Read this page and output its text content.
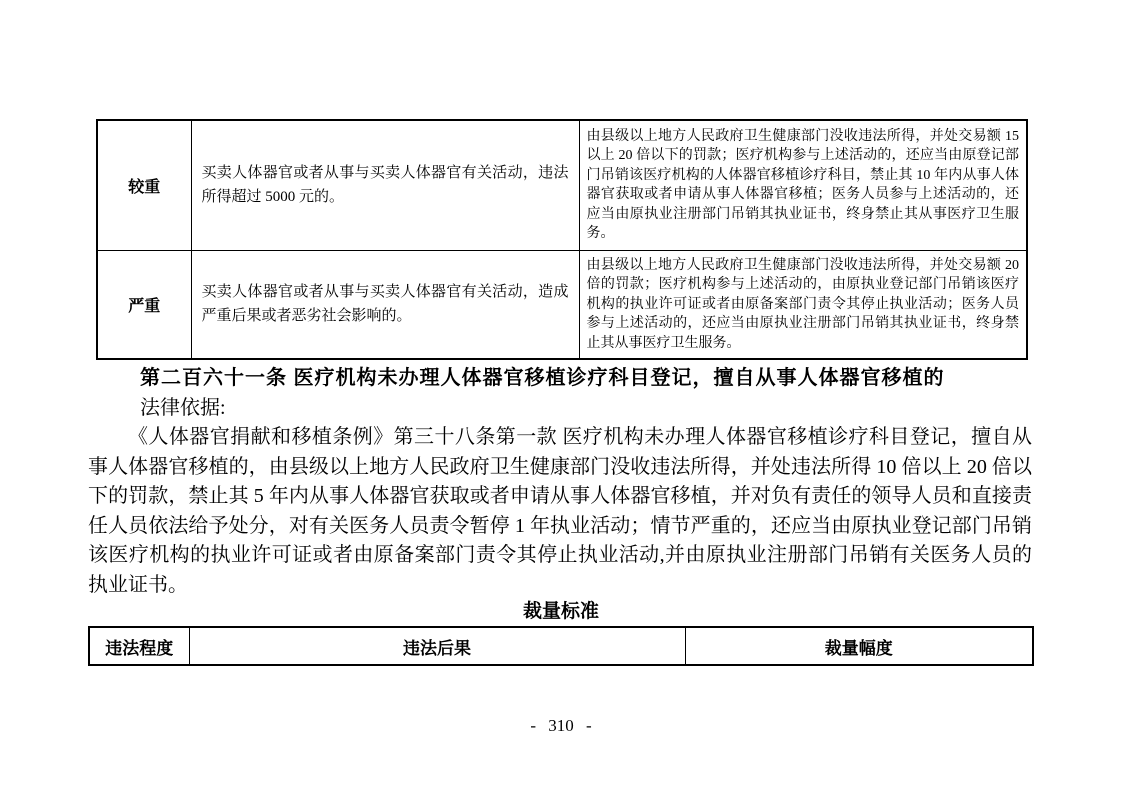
较重	买卖人体器官或者从事与买卖人体器官有关活动，违法所得超过 5000 元的。	由县级以上地方人民政府卫生健康部门没收违法所得，并处交易额 15 以上 20 倍以下的罚款；医疗机构参与上述活动的，还应当由原登记部门吊销该医疗机构的人体器官移植诊疗科目，禁止其 10 年内从事人体器官获取或者申请从事人体器官移植；医务人员参与上述活动的，还应当由原执业注册部门吊销其执业证书，终身禁止其从事医疗卫生服务。
严重	买卖人体器官或者从事与买卖人体器官有关活动，造成严重后果或者恶劣社会影响的。	由县级以上地方人民政府卫生健康部门没收违法所得，并处交易额 20 倍的罚款；医疗机构参与上述活动的，由原执业登记部门吊销该医疗机构的执业许可证或者由原备案部门责令其停止执业活动；医务人员参与上述活动的，还应当由原执业注册部门吊销其执业证书，终身禁止其从事医疗卫生服务。
第二百六十一条 医疗机构未办理人体器官移植诊疗科目登记，擅自从事人体器官移植的
法律依据:
《人体器官捐献和移植条例》第三十八条第一款 医疗机构未办理人体器官移植诊疗科目登记，擅自从事人体器官移植的，由县级以上地方人民政府卫生健康部门没收违法所得，并处违法所得 10 倍以上 20 倍以下的罚款，禁止其 5 年内从事人体器官获取或者申请从事人体器官移植，并对负有责任的领导人员和直接责任人员依法给予处分，对有关医务人员责令暂停 1 年执业活动；情节严重的，还应当由原执业登记部门吊销该医疗机构的执业许可证或者由原备案部门责令其停止执业活动,并由原执业注册部门吊销有关医务人员的执业证书。
裁量标准
违法程度	违法后果	裁量幅度
- 310 -
